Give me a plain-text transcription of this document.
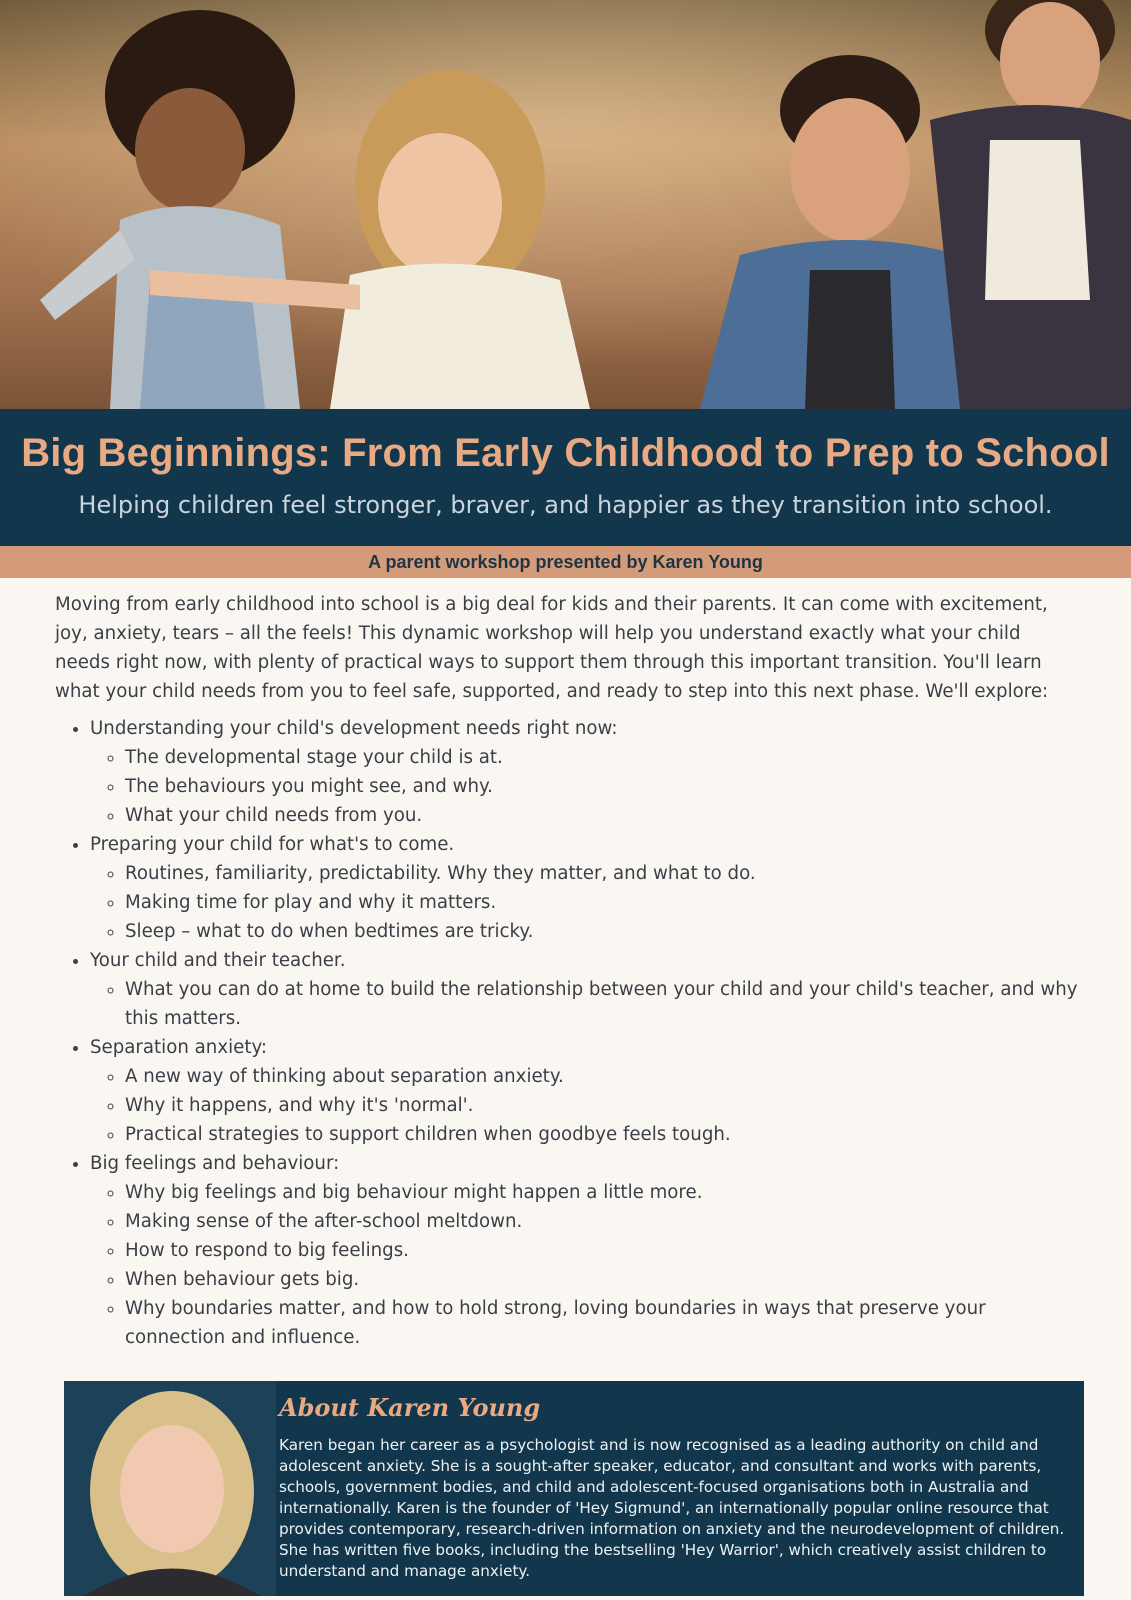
Big Beginnings: From Early Childhood to Prep to School

Helping children feel stronger, braver, and happier as they transition into school.

A parent workshop presented by Karen Young

Moving from early childhood into school is a big deal for kids and their parents. It can come with excitement, joy, anxiety, tears – all the feels! This dynamic workshop will help you understand exactly what your child needs right now, with plenty of practical ways to support them through this important transition. You'll learn what your child needs from you to feel safe, supported, and ready to step into this next phase. We'll explore:

• Understanding your child's development needs right now:
◦ The developmental stage your child is at.
◦ The behaviours you might see, and why.
◦ What your child needs from you.
• Preparing your child for what's to come.
◦ Routines, familiarity, predictability. Why they matter, and what to do.
◦ Making time for play and why it matters.
◦ Sleep – what to do when bedtimes are tricky.
• Your child and their teacher.
◦ What you can do at home to build the relationship between your child and your child's teacher, and why this matters.
• Separation anxiety:
◦ A new way of thinking about separation anxiety.
◦ Why it happens, and why it's 'normal'.
◦ Practical strategies to support children when goodbye feels tough.
• Big feelings and behaviour:
◦ Why big feelings and big behaviour might happen a little more.
◦ Making sense of the after-school meltdown.
◦ How to respond to big feelings.
◦ When behaviour gets big.
◦ Why boundaries matter, and how to hold strong, loving boundaries in ways that preserve your connection and influence.
About Karen Young

Karen began her career as a psychologist and is now recognised as a leading authority on child and adolescent anxiety. She is a sought-after speaker, educator, and consultant and works with parents, schools, government bodies, and child and adolescent-focused organisations both in Australia and internationally. Karen is the founder of 'Hey Sigmund', an internationally popular online resource that provides contemporary, research-driven information on anxiety and the neurodevelopment of children. She has written five books, including the bestselling 'Hey Warrior', which creatively assist children to understand and manage anxiety.
